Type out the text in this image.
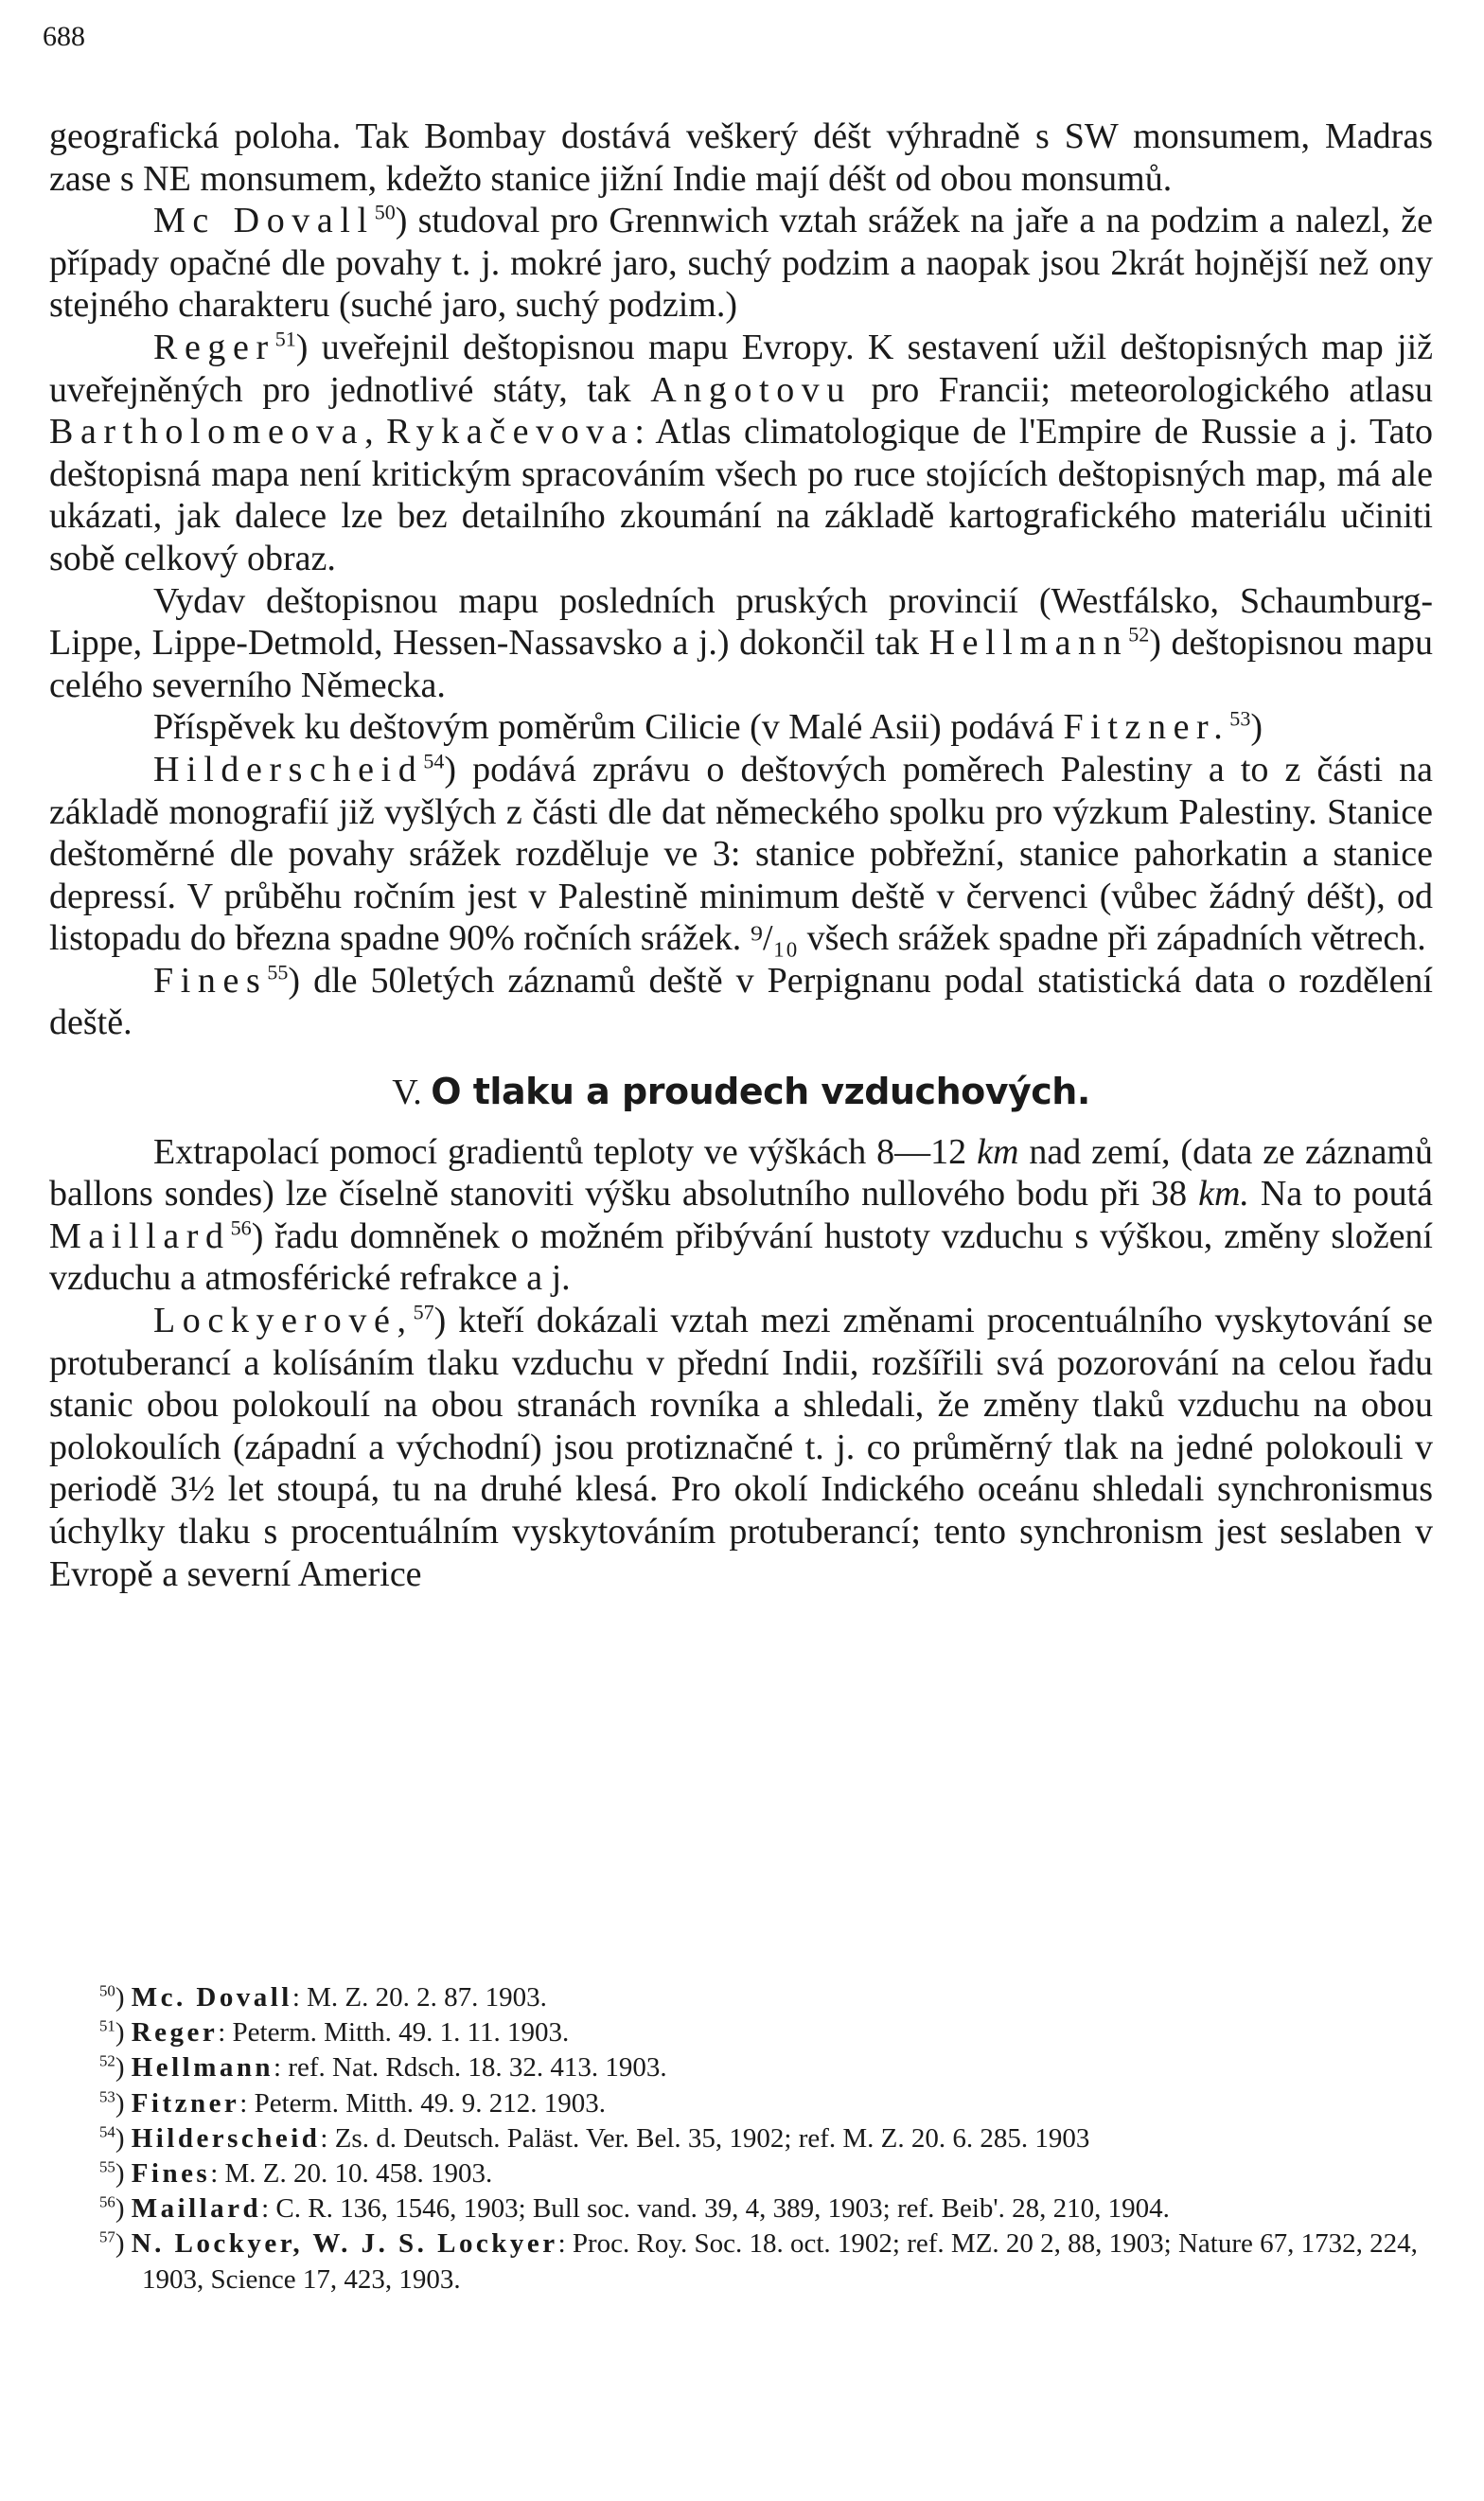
688

geografická poloha. Tak Bombay dostává veškerý déšt výhradně s SW monsumem, Madras zase s NE monsumem, kdežto stanice jižní Indie mají déšt od obou monsumů.

Mc Dovall$^{50}$) studoval pro Grennwich vztah srážek na jaře a na podzim a nalezl, že případy opačné dle povahy t. j. mokré jaro, suchý podzim a naopak jsou 2krát hojnější než ony stejného charakteru (suché jaro, suchý podzim.)

Reger$^{51}$) uveřejnil deštopisnou mapu Evropy. K sestavení užil deštopisných map již uveřejněných pro jednotlivé státy, tak Angotovu pro Francii; meteorologického atlasu Bartholomeova, Rykačevova: Atlas climatologique de l'Empire de Russie a j. Tato deštopisná mapa není kritickým spracováním všech po ruce stojících deštopisných map, má ale ukázati, jak dalece lze bez detailního zkoumání na základě kartografického materiálu učiniti sobě celkový obraz.

Vydav deštopisnou mapu posledních pruských provincií (Westfálsko, Schaumburg-Lippe, Lippe-Detmold, Hessen-Nassavsko a j.) dokončil tak Hellmann$^{52}$) deštopisnou mapu celého severního Německa.

Příspěvek ku deštovým poměrům Cilicie (v Malé Asii) podává Fitzner.$^{53}$)

Hilderscheid$^{54}$) podává zprávu o deštových poměrech Palestiny a to z části na základě monografií již vyšlých z části dle dat německého spolku pro výzkum Palestiny. Stanice deštoměrné dle povahy srážek rozděluje ve 3: stanice pobřežní, stanice pahorkatin a stanice depressí. V průběhu ročním jest v Palestině minimum deště v červenci (vůbec žádný déšt), od listopadu do března spadne 90% ročních srážek. ⁹/₁₀ všech srážek spadne při západních větrech.

Fines$^{55}$) dle 50letých záznamů deště v Perpignanu podal statistická data o rozdělení deště.

V. O tlaku a proudech vzduchových.

Extrapolací pomocí gradientů teploty ve výškách 8—12 km nad zemí, (data ze záznamů ballons sondes) lze číselně stanoviti výšku absolutního nullového bodu při 38 km. Na to poutá Maillard$^{56}$) řadu domněnek o možném přibývání hustoty vzduchu s výškou, změny složení vzduchu a atmosférické refrakce a j.

Lockyerové,$^{57}$) kteří dokázali vztah mezi změnami procentuálního vyskytování se protuberancí a kolísáním tlaku vzduchu v přední Indii, rozšířili svá pozorování na celou řadu stanic obou polokoulí na obou stranách rovníka a shledali, že změny tlaků vzduchu na obou polokoulích (západní a východní) jsou protiznačné t. j. co průměrný tlak na jedné polokouli v periodě 3½ let stoupá, tu na druhé klesá. Pro okolí Indického oceánu shledali synchronismus úchylky tlaku s procentuálním vyskytováním protuberancí; tento synchronism jest seslaben v Evropě a severní Americe

$^{50}$) Mc. Dovall: M. Z. 20. 2. 87. 1903.

$^{51}$) Reger: Peterm. Mitth. 49. 1. 11. 1903.

$^{52}$) Hellmann: ref. Nat. Rdsch. 18. 32. 413. 1903.

$^{53}$) Fitzner: Peterm. Mitth. 49. 9. 212. 1903.

$^{54}$) Hilderscheid: Zs. d. Deutsch. Paläst. Ver. Bel. 35, 1902; ref. M. Z. 20. 6. 285. 1903

$^{55}$) Fines: M. Z. 20. 10. 458. 1903.

$^{56}$) Maillard: C. R. 136, 1546, 1903; Bull soc. vand. 39, 4, 389, 1903; ref. Beib'. 28, 210, 1904.

$^{57}$) N. Lockyer, W. J. S. Lockyer: Proc. Roy. Soc. 18. oct. 1902; ref. MZ. 20 2, 88, 1903; Nature 67, 1732, 224, 1903, Science 17, 423, 1903.
